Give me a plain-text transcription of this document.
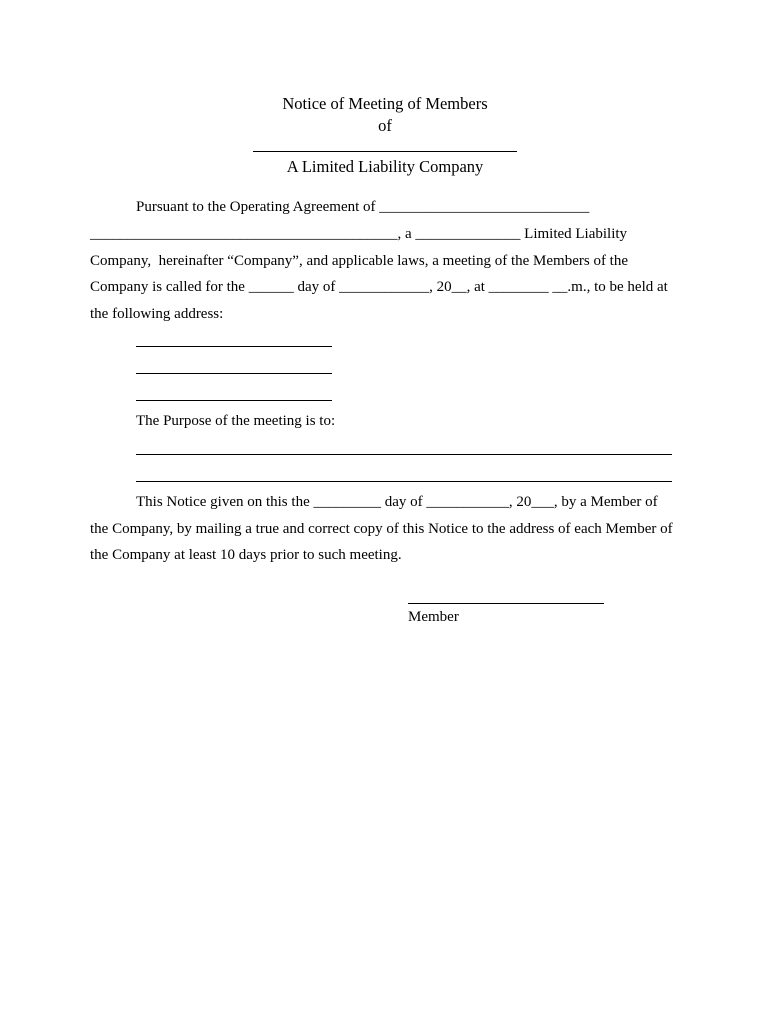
Notice of Meeting of Members
of
A Limited Liability Company
Pursuant to the Operating Agreement of ____________________________
_________________________________________, a ______________ Limited Liability
Company,  hereinafter “Company”, and applicable laws, a meeting of the Members of the
Company is called for the ______ day of ____________, 20__, at ________ __.m., to be held at
the following address:
The Purpose of the meeting is to:
This Notice given on this the _________ day of ___________, 20___, by a Member of
the Company, by mailing a true and correct copy of this Notice to the address of each Member of
the Company at least 10 days prior to such meeting.
Member
